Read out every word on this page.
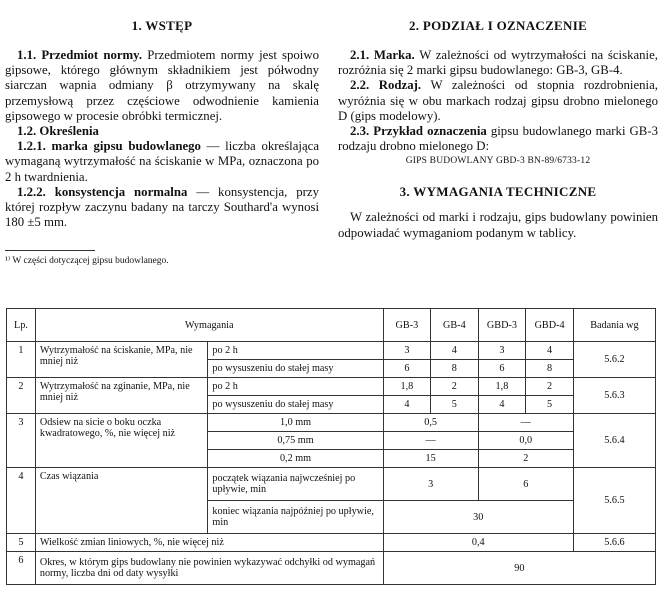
1. WSTĘP

1.1. Przedmiot normy. Przedmiotem normy jest spoiwo gipsowe, którego głównym składnikiem jest półwodny siarczan wapnia odmiany β otrzymywany na skalę przemysłową przez częściowe odwodnienie kamienia gipsowego w procesie obróbki termicznej.

1.2. Określenia

1.2.1. marka gipsu budowlanego — liczba określająca wymaganą wytrzymałość na ściskanie w MPa, oznaczona po 2 h twardnienia.

1.2.2. konsystencja normalna — konsystencja, przy której rozpływ zaczynu badany na tarczy Southard'a wynosi 180 ±5 mm.

¹⁾ W części dotyczącej gipsu budowlanego.
2. PODZIAŁ I OZNACZENIE

2.1. Marka. W zależności od wytrzymałości na ściskanie, rozróżnia się 2 marki gipsu budowlanego: GB-3, GB-4.

2.2. Rodzaj. W zależności od stopnia rozdrobnienia, wyróżnia się w obu markach rodzaj gipsu drobno mielonego D (gips modelowy).

2.3. Przykład oznaczenia gipsu budowlanego marki GB-3 rodzaju drobno mielonego D:

GIPS BUDOWLANY GBD-3 BN-89/6733-12
3. WYMAGANIA TECHNICZNE

W zależności od marki i rodzaju, gips budowlany powinien odpowiadać wymaganiom podanym w tablicy.

Lp.	Wymagania		GB-3	GB-4	GBD-3	GBD-4	Badania wg
1	Wytrzymałość na ściskanie, MPa, nie mniej niż	po 2 h	3	4	3	4	5.6.2
		po wysuszeniu do stałej masy	6	8	6	8	
2	Wytrzymałość na zginanie, MPa, nie mniej niż	po 2 h	1,8	2	1,8	2	5.6.3
		po wysuszeniu do stałej masy	4	5	4	5	
3	Odsiew na sicie o boku oczka kwadratowego, %, nie więcej niż	1,0 mm	0,5		—		5.6.4
		0,75 mm	—		0,0		
		0,2 mm	15		2		
4	Czas wiązania	początek wiązania najwcześniej po upływie, min	3		6		5.6.5
		koniec wiązania najpóźniej po upływie, min	30				
5	Wielkość zmian liniowych, %, nie więcej niż		0,4				5.6.6
6	Okres, w którym gips budowlany nie powinien wykazywać odchyłki od wymagań normy, liczba dni od daty wysyłki		90				
